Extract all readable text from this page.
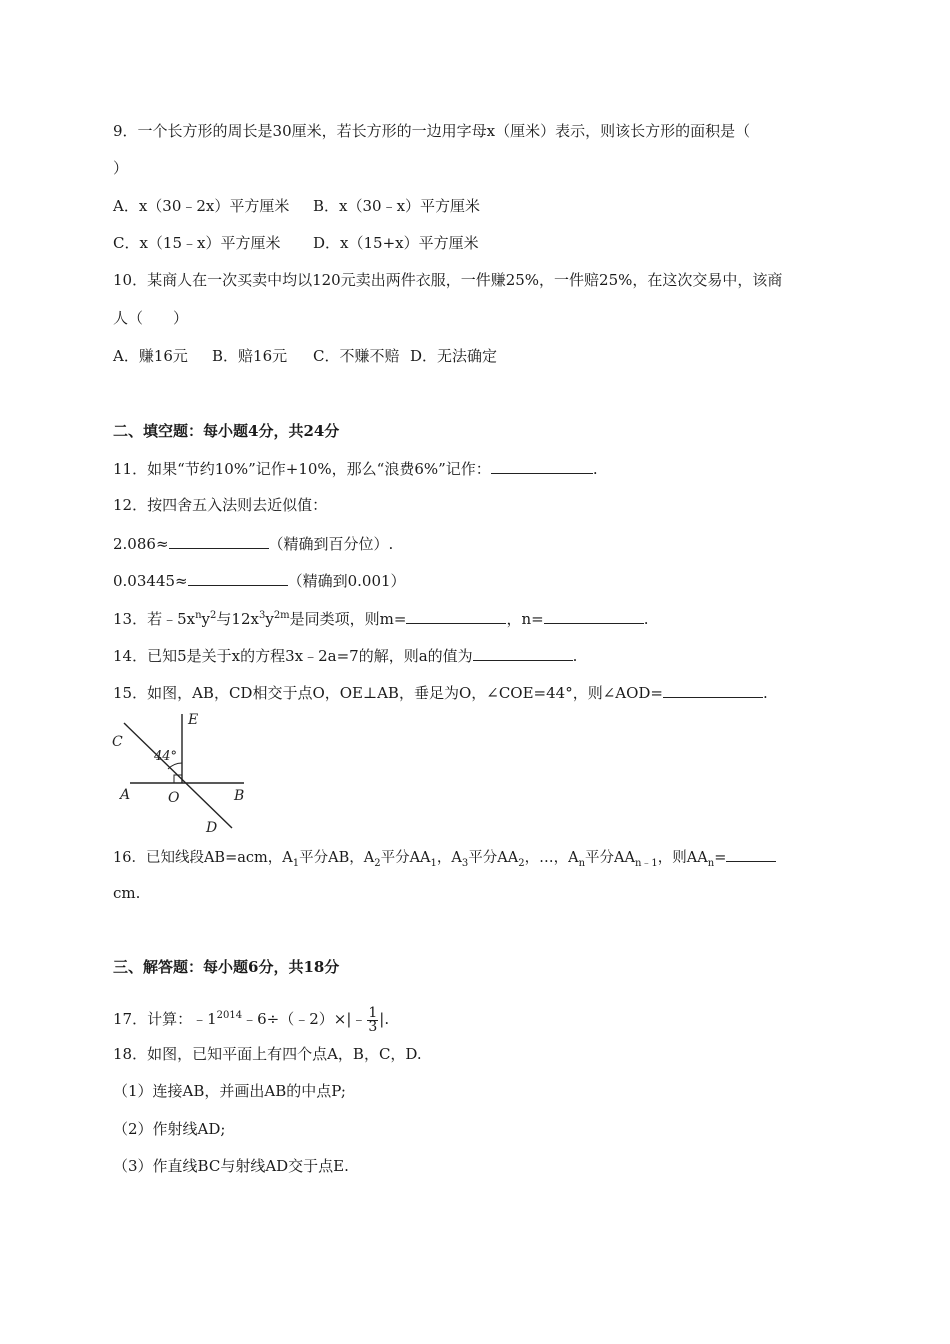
9．一个长方形的周长是30厘米，若长方形的一边用字母x（厘米）表示，则该长方形的面积是（
）
A．x（30﹣2x）平方厘米 B．x（30﹣x）平方厘米
C．x（15﹣x）平方厘米 D．x（15+x）平方厘米
10．某商人在一次买卖中均以120元卖出两件衣服，一件赚25%，一件赔25%，在这次交易中，该商
人（　　）
A．赚16元 B．赔16元 C．不赚不赔 D．无法确定
二、填空题：每小题4分，共24分
11．如果“节约10%”记作+10%，那么“浪费6%”记作：	.
12．按四舍五入法则去近似值：
2.086≈	（精确到百分位）.
0.03445≈	（精确到0.001）
13．若$﹣5x^ny^2$与$12x^3y^{2m}$是同类项，则m=	，n=	.
14．已知5是关于x的方程3x﹣2a=7的解，则a的值为	.
15．如图，AB，CD相交于点O，OE⊥AB，垂足为O，∠COE=44°，则∠AOD=	.
E
C
44°
A	O	B
D
16．已知线段AB=acm，$A_1$平分AB，$A_2$平分$AA_1$，$A_3$平分$AA_2$，…，$A_n$平分$AA_{n﹣1}$，则$AA_n=$
cm.
三、解答题：每小题6分，共18分
17．计算：$﹣1^{2014}﹣6\div(﹣2)\times|﹣ \frac{1}{3}$ |.
18．如图，已知平面上有四个点A，B，C，D.
（1）连接AB，并画出AB的中点P;
（2）作射线AD;
（3）作直线BC与射线AD交于点E.
